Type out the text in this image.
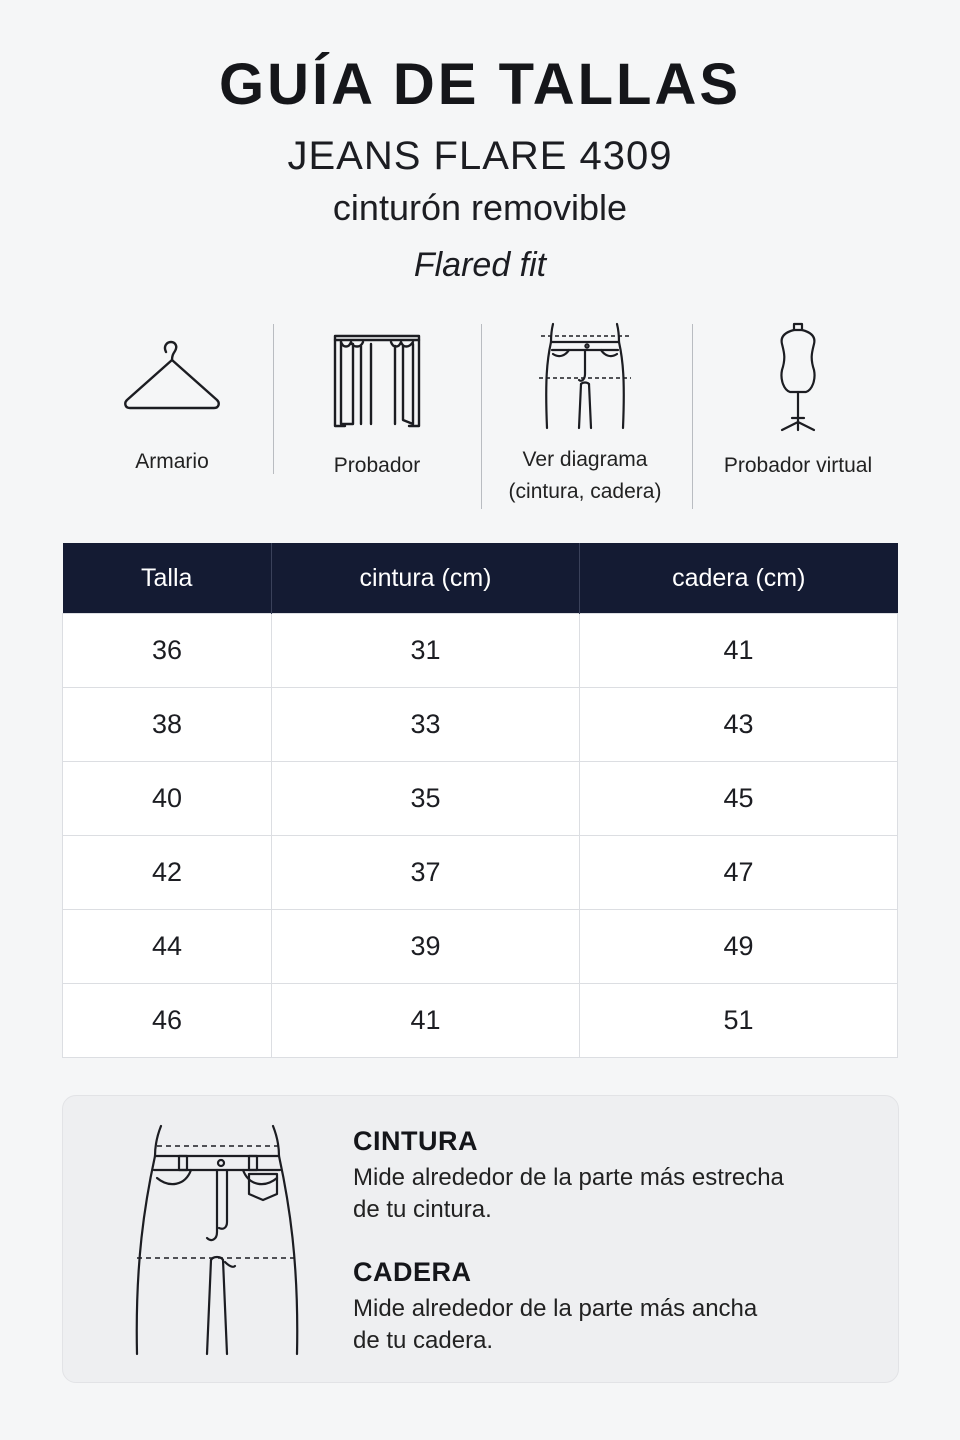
GUÍA DE TALLAS
JEANS FLARE 4309
cinturón removible
Flared fit
Armario	Probador	Ver diagrama
(cintura, cadera)
Probador virtual
Talla	cintura (cm)	cadera (cm)
36	31	41
38	33	43
40	35	45
42	37	47
44	39	49
46	41	51
CINTURA
Mide alrededor de la parte más estrecha
de tu cintura.
CADERA
Mide alrededor de la parte más ancha
de tu cadera.
